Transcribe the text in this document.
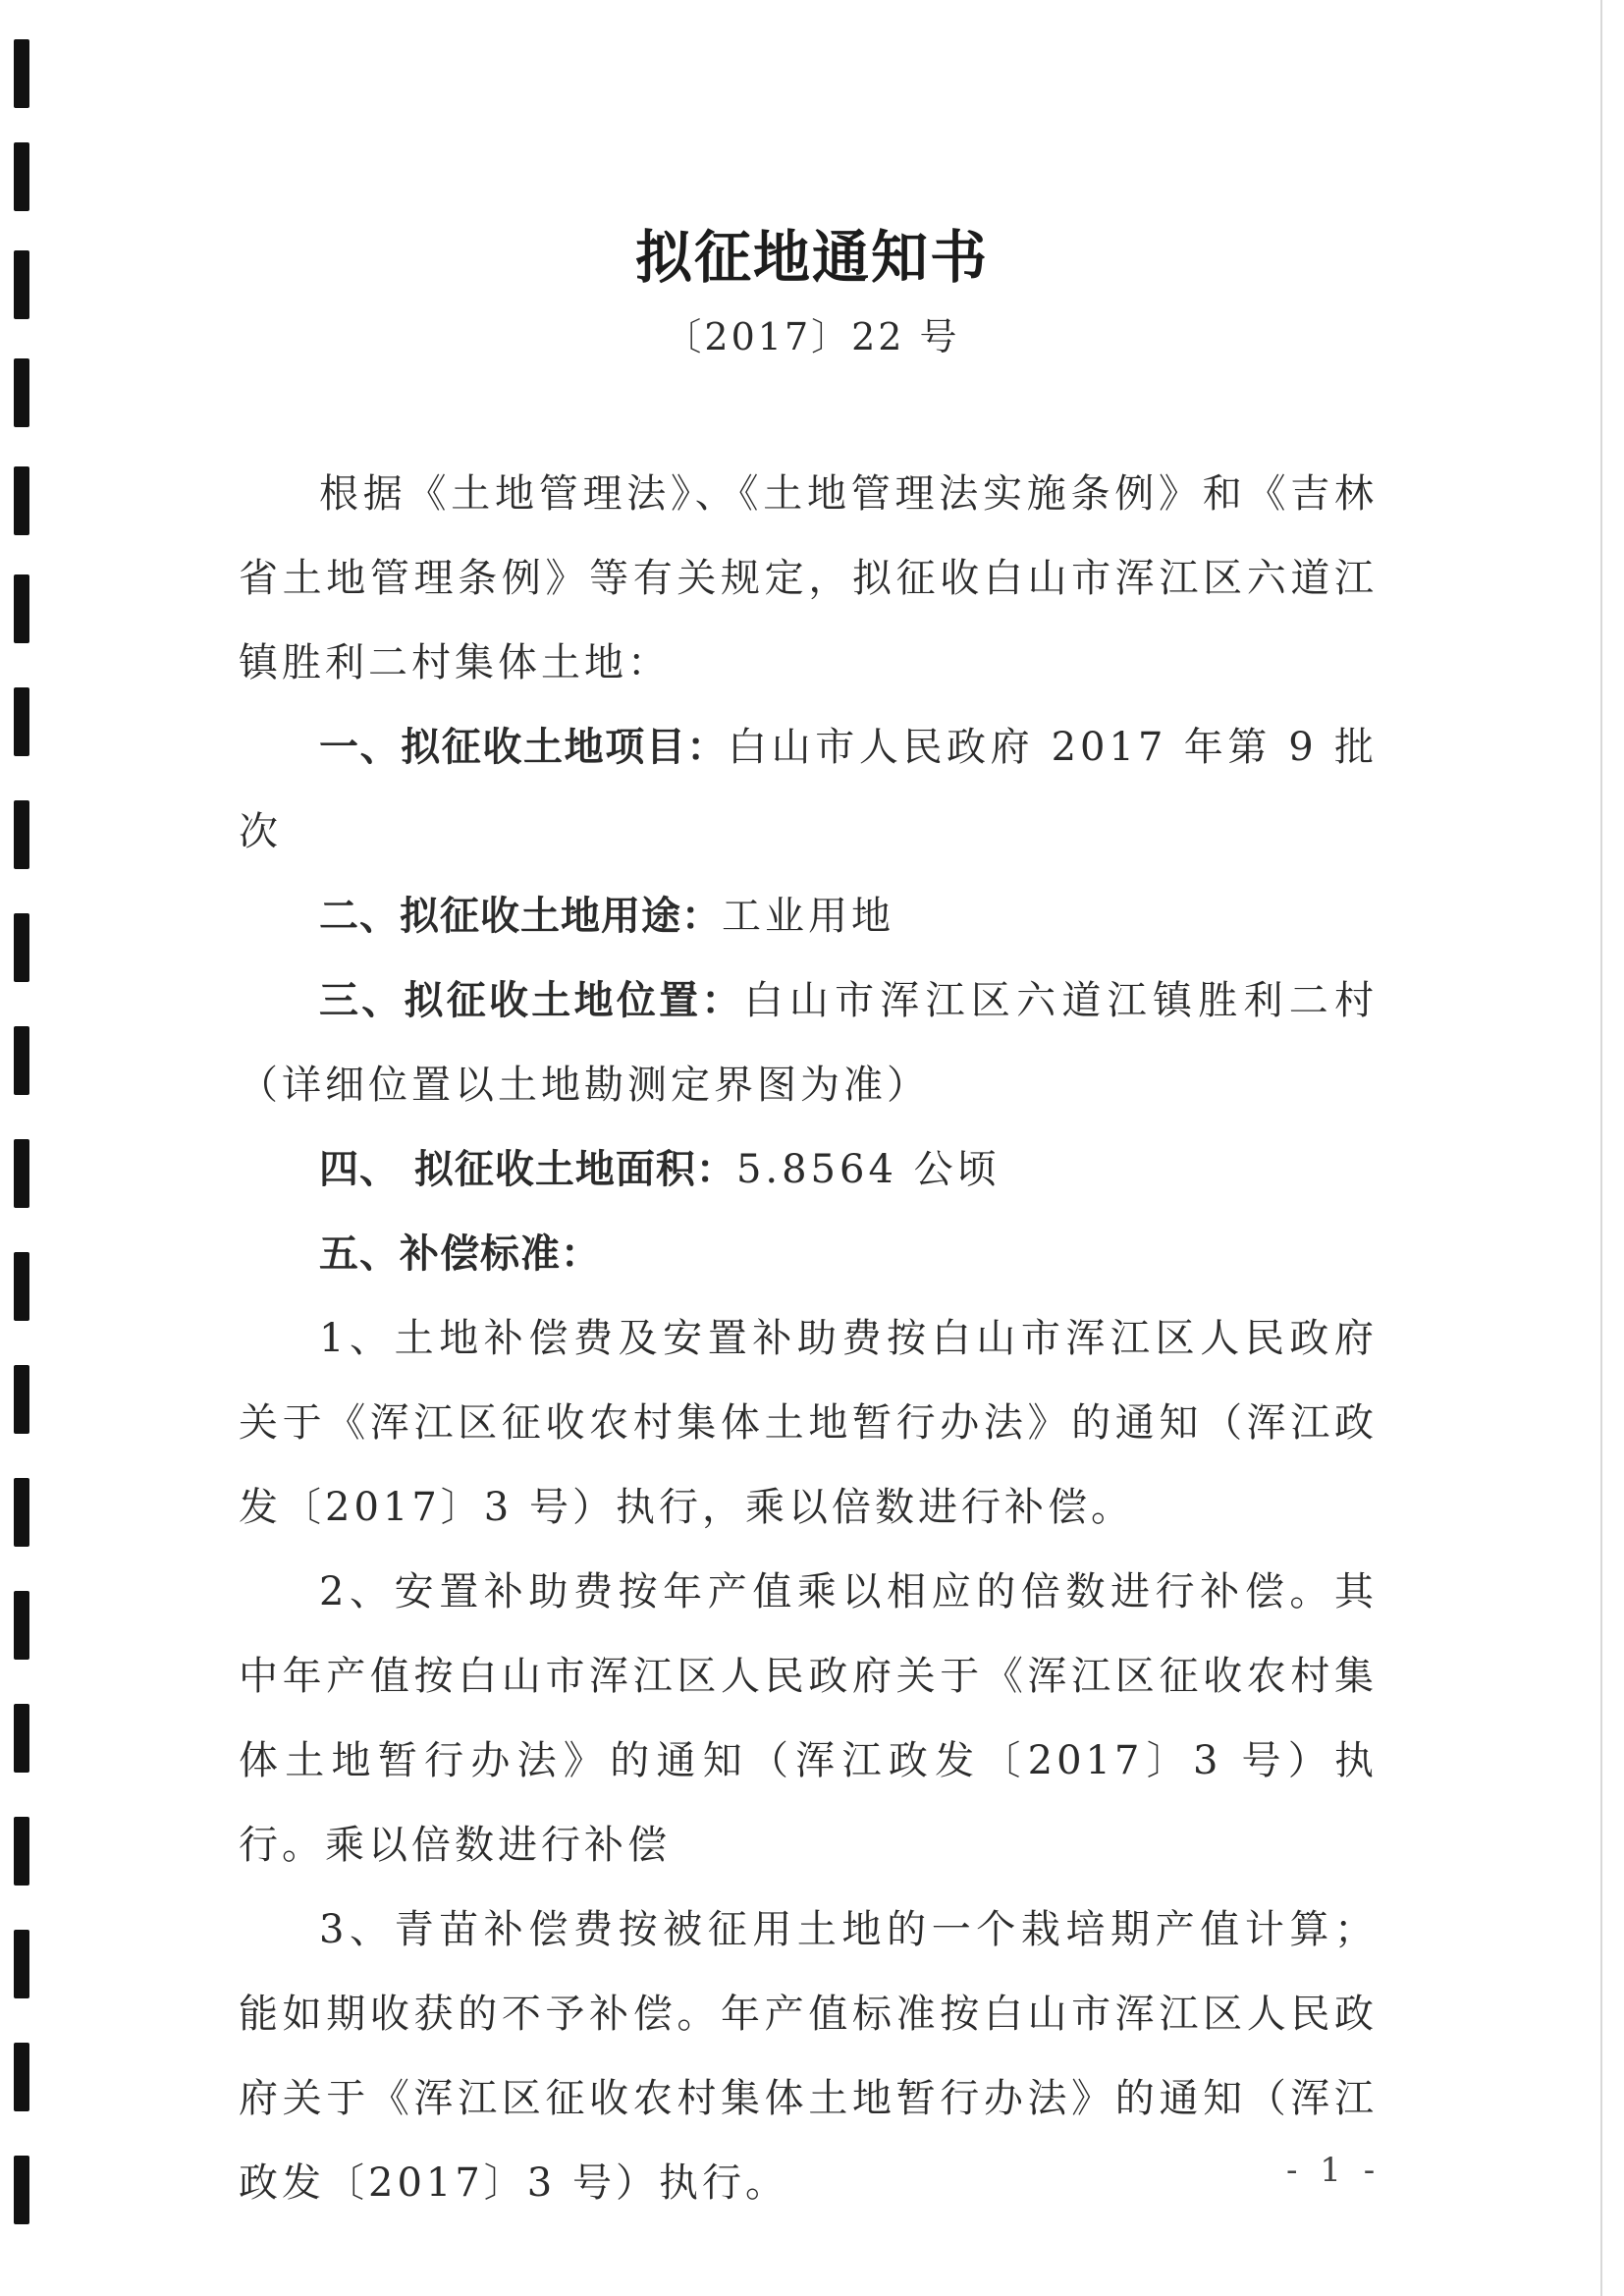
拟征地通知书
〔2017〕22 号

根据《土地管理法》、《土地管理法实施条例》和《吉林省土地管理条例》等有关规定，拟征收白山市浑江区六道江镇胜利二村集体土地：

一、拟征收土地项目：白山市人民政府 2017 年第 9 批次

二、拟征收土地用途：工业用地

三、拟征收土地位置：白山市浑江区六道江镇胜利二村（详细位置以土地勘测定界图为准）

四、 拟征收土地面积：5.8564 公顷

五、补偿标准：

1、土地补偿费及安置补助费按白山市浑江区人民政府关于《浑江区征收农村集体土地暂行办法》的通知（浑江政发〔2017〕3 号）执行，乘以倍数进行补偿。

2、安置补助费按年产值乘以相应的倍数进行补偿。其中年产值按白山市浑江区人民政府关于《浑江区征收农村集体土地暂行办法》的通知（浑江政发〔2017〕3 号）执行。乘以倍数进行补偿

3、青苗补偿费按被征用土地的一个栽培期产值计算；能如期收获的不予补偿。年产值标准按白山市浑江区人民政府关于《浑江区征收农村集体土地暂行办法》的通知（浑江政发〔2017〕3 号）执行。	- 1 -
